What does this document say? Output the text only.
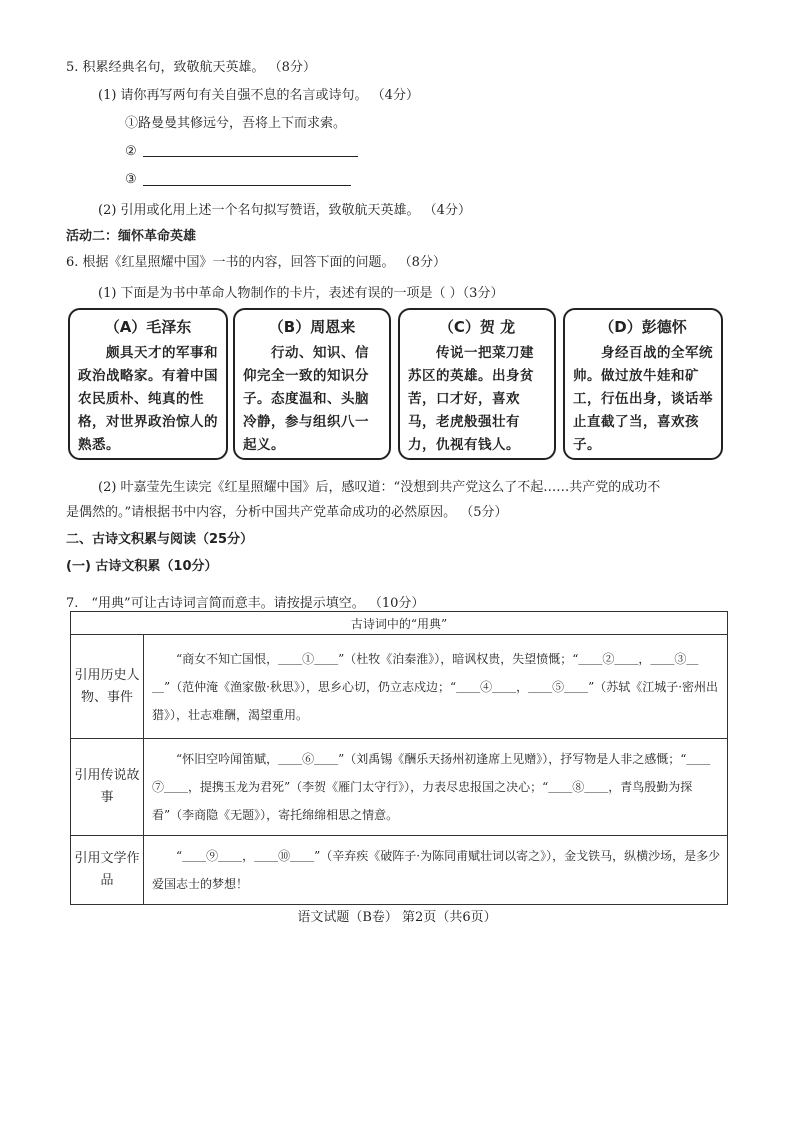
5. 积累经典名句，致敬航天英雄。 （8分）
(1) 请你再写两句有关自强不息的名言或诗句。 （4分）
①路曼曼其修远兮，吾将上下而求索。
②
③
(2) 引用或化用上述一个名句拟写赞语，致敬航天英雄。 （4分）
活动二：缅怀革命英雄
6. 根据《红星照耀中国》一书的内容，回答下面的问题。 （8分）
(1) 下面是为书中革命人物制作的卡片，表述有误的一项是（ ）（3分）
（A）毛泽东
　　颇具天才的军事和政治战略家。有着中国农民质朴、纯真的性格，对世界政治惊人的熟悉。
（B）周恩来
　　行动、知识、信仰完全一致的知识分子。态度温和、头脑冷静，参与组织八一起义。
（C）贺 龙
　　传说一把菜刀建苏区的英雄。出身贫苦，口才好，喜欢马，老虎般强壮有力，仇视有钱人。
（D）彭德怀
　　身经百战的全军统帅。做过放牛娃和矿工，行伍出身，谈话举止直截了当，喜欢孩子。
(2) 叶嘉莹先生读完《红星照耀中国》后，感叹道：“没想到共产党这么了不起……共产党的成功不
是偶然的。”请根据书中内容，分析中国共产党革命成功的必然原因。 （5分）
二、古诗文积累与阅读（25分）
(一) 古诗文积累（10分）
7.　“用典”可让古诗词言简而意丰。请按提示填空。 （10分）
古诗词中的“用典”	
引用历史人物、事件	“商女不知亡国恨，＿＿①＿＿”（杜牧《泊秦淮》），暗讽权贵，失望愤慨；“＿＿②＿＿，＿＿③＿＿”（范仲淹《渔家傲·秋思》），思乡心切，仍立志戍边；“＿＿④＿＿，＿＿⑤＿＿”（苏轼《江城子·密州出猎》），壮志难酬，渴望重用。
引用传说故事	“怀旧空吟闻笛赋，＿＿⑥＿＿”（刘禹锡《酬乐天扬州初逢席上见赠》），抒写物是人非之感慨；“＿＿⑦＿＿，提携玉龙为君死”（李贺《雁门太守行》），力表尽忠报国之决心；“＿＿⑧＿＿，青鸟殷勤为探看”（李商隐《无题》），寄托绵绵相思之情意。
引用文学作品	“＿＿⑨＿＿，＿＿⑩＿＿”（辛弃疾《破阵子·为陈同甫赋壮词以寄之》），金戈铁马，纵横沙场，是多少爱国志士的梦想！
语文试题（B卷） 第2页（共6页）
